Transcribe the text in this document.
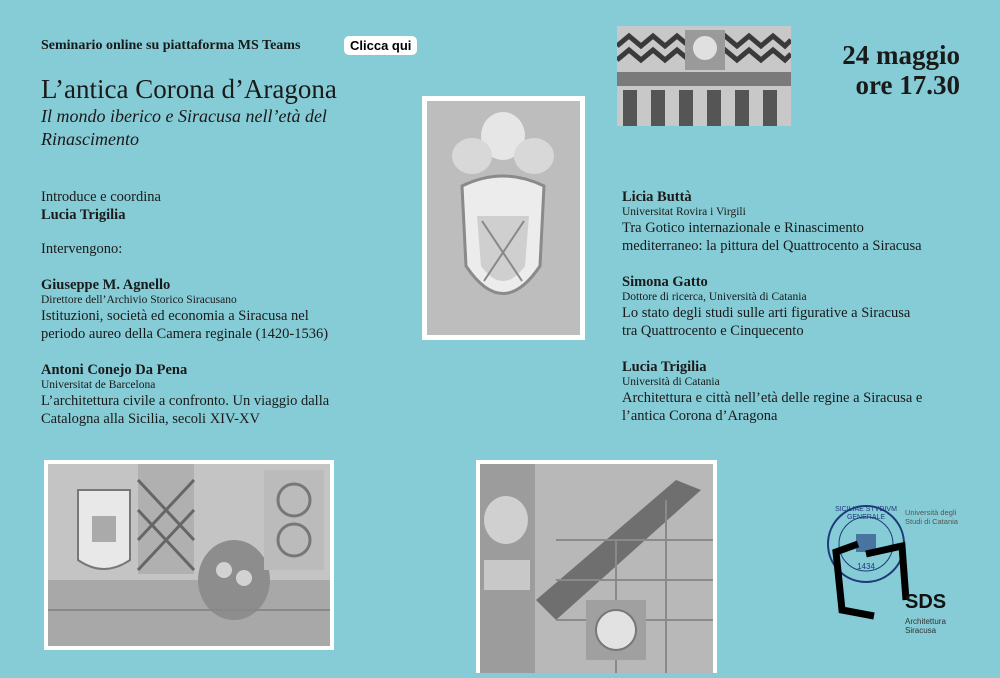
Seminario online su piattaforma MS Teams	Clicca qui
L’antica Corona d’Aragona
Il mondo iberico e Siracusa nell’età del Rinascimento
24 maggio
ore 17.30
Introduce e coordina
Lucia Trigilia
Intervengono:
Giuseppe M. Agnello
Direttore dell’Archivio Storico Siracusano
Istituzioni, società ed economia a Siracusa nel
periodo aureo della Camera reginale (1420-1536)
Antoni Conejo Da Pena
Universitat de Barcelona
L’architettura civile a confronto. Un viaggio dalla
Catalogna alla Sicilia, secoli XIV-XV
Licia Buttà
Universitat Rovira i Virgili
Tra Gotico internazionale e Rinascimento
mediterraneo: la pittura del Quattrocento a Siracusa
Simona Gatto
Dottore di ricerca, Università di Catania
Lo stato degli studi sulle arti figurative a Siracusa
tra Quattrocento e Cinquecento
Lucia Trigilia
Università di Catania
Architettura e città nell’età delle regine a Siracusa e
l’antica Corona d’Aragona
SICILIAE STVDIVM GENERALE
1434
Università degli Studi di Catania
SDS
Architettura Siracusa
